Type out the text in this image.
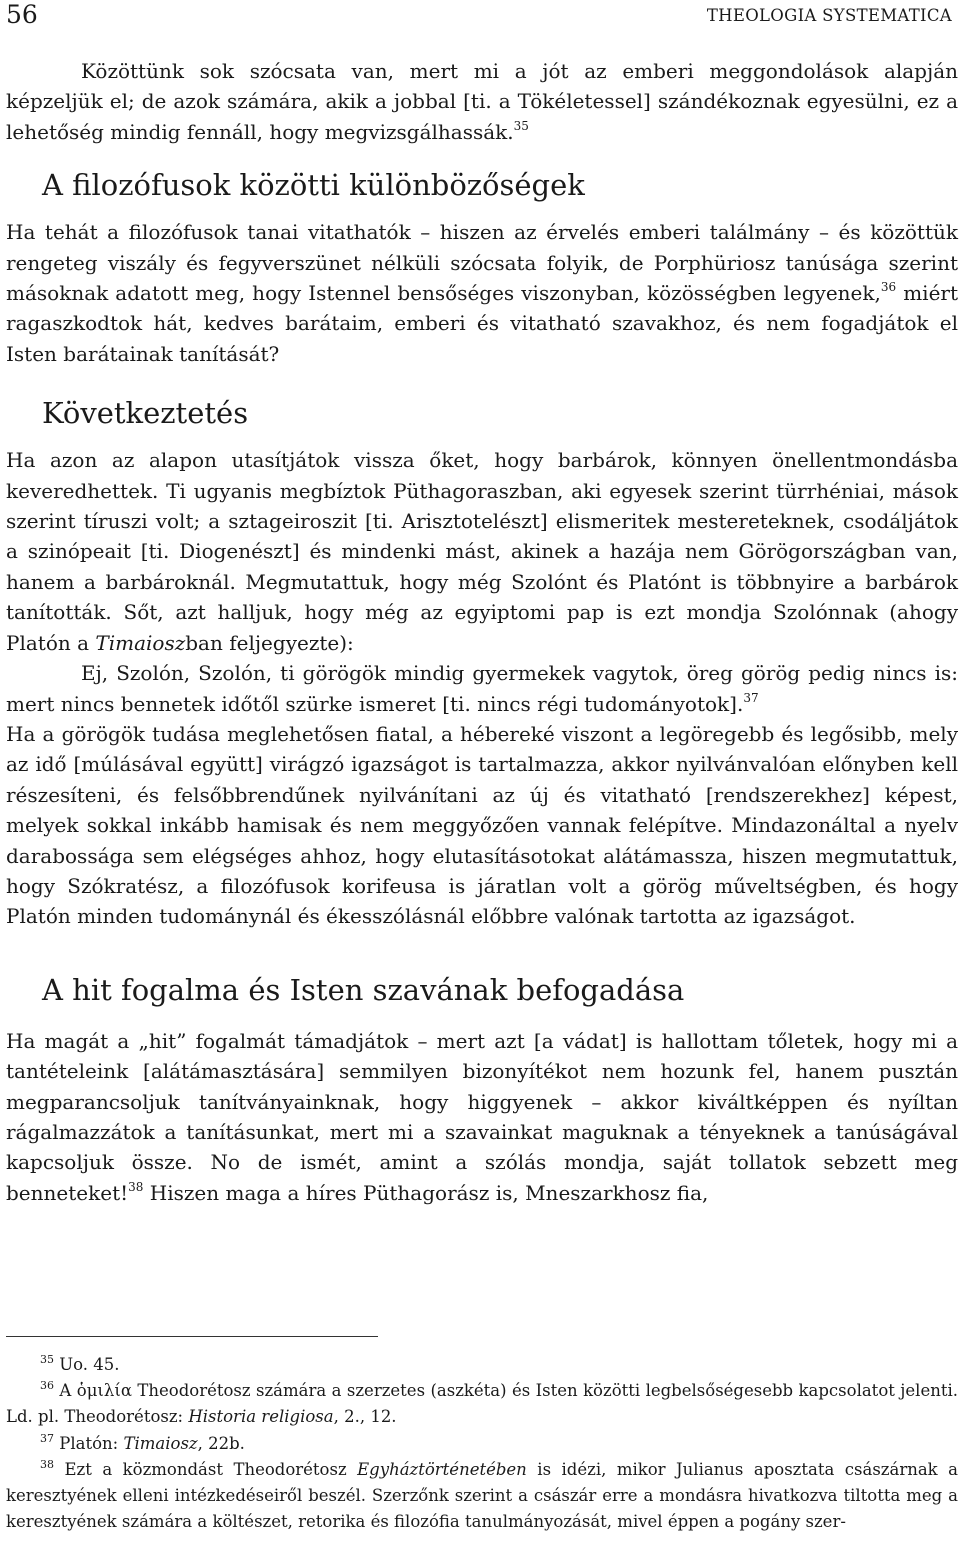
56	THEOLOGIA SYSTEMATICA

Közöttünk sok szócsata van, mert mi a jót az emberi meggondolások alapján képzeljük el; de azok számára, akik a jobbal [ti. a Tökéletessel] szándékoznak egyesülni, ez a lehetőség mindig fennáll, hogy megvizsgálhassák.$^{35}$

A filozófusok közötti különbözőségek

Ha tehát a filozófusok tanai vitathatók – hiszen az érvelés emberi találmány – és közöttük rengeteg viszály és fegyverszünet nélküli szócsata folyik, de Porphüriosz tanúsága szerint másoknak adatott meg, hogy Istennel bensőséges viszonyban, közösségben legyenek,$^{36}$ miért ragaszkodtok hát, kedves barátaim, emberi és vitatható szavakhoz, és nem fogadjátok el Isten barátainak tanítását?

Következtetés

Ha azon az alapon utasítjátok vissza őket, hogy barbárok, könnyen önellentmondásba keveredhettek. Ti ugyanis megbíztok Püthagoraszban, aki egyesek szerint türrhéniai, mások szerint tíruszi volt; a sztageiroszit [ti. Arisztotelészt] elismeritek mestereteknek, csodáljátok a szinópeait [ti. Diogenészt] és mindenki mást, akinek a hazája nem Görögországban van, hanem a barbároknál. Megmutattuk, hogy még Szolónt és Platónt is többnyire a barbárok tanították. Sőt, azt halljuk, hogy még az egyiptomi pap is ezt mondja Szolónnak (ahogy Platón a Timaioszban feljegyezte):

Ej, Szolón, Szolón, ti görögök mindig gyermekek vagytok, öreg görög pedig nincs is: mert nincs bennetek időtől szürke ismeret [ti. nincs régi tudományotok].$^{37}$

Ha a görögök tudása meglehetősen fiatal, a hébereké viszont a legöregebb és legősibb, mely az idő [múlásával együtt] virágzó igazságot is tartalmazza, akkor nyilvánvalóan előnyben kell részesíteni, és felsőbbrendűnek nyilvánítani az új és vitatható [rendszerekhez] képest, melyek sokkal inkább hamisak és nem meggyőzően vannak felépítve. Mindazonáltal a nyelv darabossága sem elégséges ahhoz, hogy elutasításotokat alátámassza, hiszen megmutattuk, hogy Szókratész, a filozófusok korifeusa is járatlan volt a görög műveltségben, és hogy Platón minden tudománynál és ékesszólásnál előbbre valónak tartotta az igazságot.

A hit fogalma és Isten szavának befogadása

Ha magát a „hit” fogalmát támadjátok – mert azt [a vádat] is hallottam tőletek, hogy mi a tantételeink [alátámasztására] semmilyen bizonyítékot nem hozunk fel, hanem pusztán megparancsoljuk tanítványainknak, hogy higgyenek – akkor kiváltképpen és nyíltan rágalmazzátok a tanításunkat, mert mi a szavainkat maguknak a tényeknek a tanúságával kapcsoljuk össze. No de ismét, amint a szólás mondja, saját tollatok sebzett meg benneteket!$^{38}$ Hiszen maga a híres Püthagorász is, Mneszarkhosz fia,

$^{35}$ Uo. 45.

$^{36}$ A ὁμιλία Theodorétosz számára a szerzetes (aszkéta) és Isten közötti legbelsőségesebb kapcsolatot jelenti. Ld. pl. Theodorétosz: Historia religiosa, 2., 12.

$^{37}$ Platón: Timaiosz, 22b.

$^{38}$ Ezt a közmondást Theodorétosz Egyháztörténetében is idézi, mikor Julianus aposztata császárnak a keresztyének elleni intézkedéseiről beszél. Szerzőnk szerint a császár erre a mondásra hivatkozva tiltotta meg a keresztyének számára a költészet, retorika és filozófia tanulmányozását, mivel éppen a pogány szer-
